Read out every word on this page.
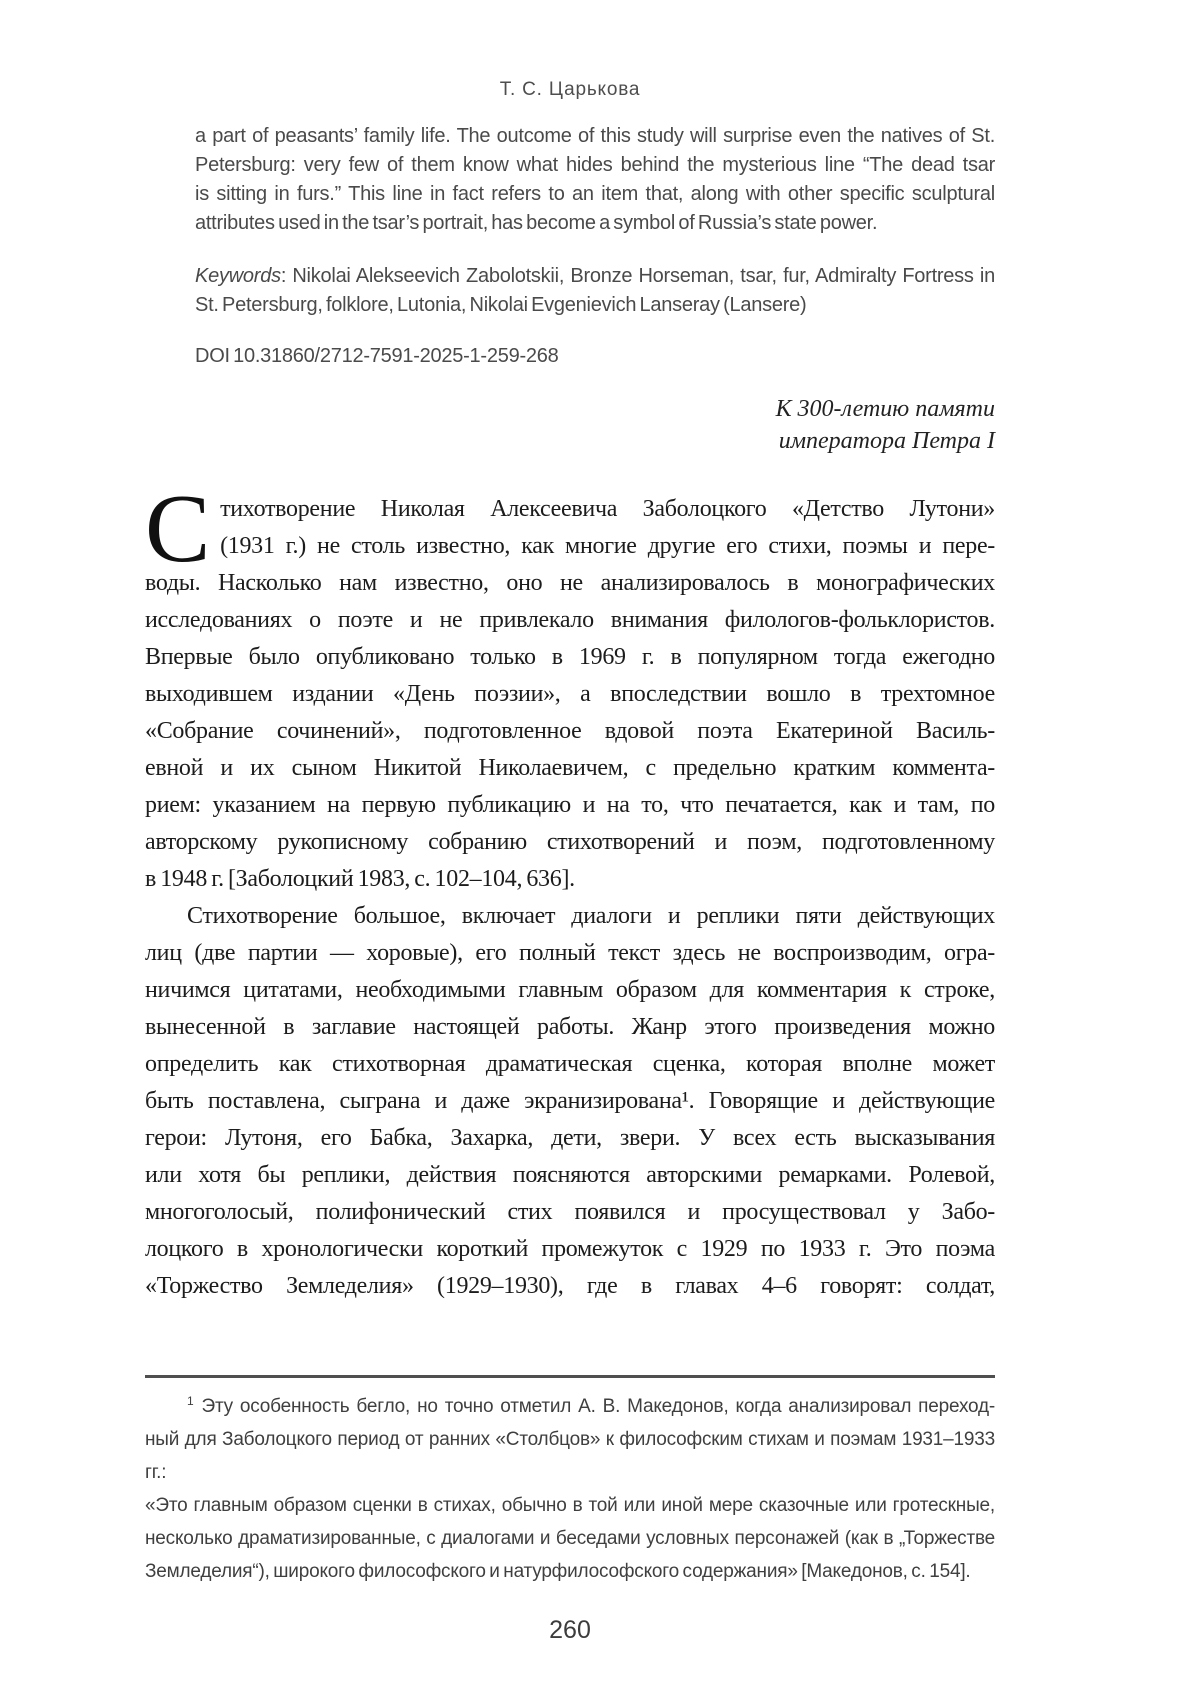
Т. С. Царькова
a part of peasants’ family life. The outcome of this study will surprise even the natives of St.
Petersburg: very few of them know what hides behind the mysterious line “The dead tsar
is sitting in furs.” This line in fact refers to an item that, along with other specific sculptural
attributes used in the tsar’s portrait, has become a symbol of Russia’s state power.
Keywords: Nikolai Alekseevich Zabolotskii, Bronze Horseman, tsar, fur, Admiralty Fortress in
St. Petersburg, folklore, Lutonia, Nikolai Evgenievich Lanseray (Lansere)
DOI 10.31860/2712-7591-2025-1-259-268
К 300-летию памяти
императора Петра I
С тихотворение Николая Алексеевича Заболоцкого «Детство Лутони»
(1931 г.) не столь известно, как многие другие его стихи, поэмы и пере-
воды. Насколько нам известно, оно не анализировалось в монографических
исследованиях о поэте и не привлекало внимания филологов-фольклористов.
Впервые было опубликовано только в 1969 г. в популярном тогда ежегодно
выходившем издании «День поэзии», а впоследствии вошло в трехтомное
«Собрание сочинений», подготовленное вдовой поэта Екатериной Василь-
евной и их сыном Никитой Николаевичем, с предельно кратким коммента-
рием: указанием на первую публикацию и на то, что печатается, как и там, по
авторскому рукописному собранию стихотворений и поэм, подготовленному
в 1948 г. [Заболоцкий 1983, с. 102–104, 636].
Стихотворение большое, включает диалоги и реплики пяти действующих
лиц (две партии — хоровые), его полный текст здесь не воспроизводим, огра-
ничимся цитатами, необходимыми главным образом для комментария к строке,
вынесенной в заглавие настоящей работы. Жанр этого произведения можно
определить как стихотворная драматическая сценка, которая вполне может
быть поставлена, сыграна и даже экранизирована¹. Говорящие и действующие
герои: Лутоня, его Бабка, Захарка, дети, звери. У всех есть высказывания
или хотя бы реплики, действия поясняются авторскими ремарками. Ролевой,
многоголосый, полифонический стих появился и просуществовал у Забо-
лоцкого в хронологически короткий промежуток с 1929 по 1933 г. Это поэма
«Торжество Земледелия» (1929–1930), где в главах 4–6 говорят: солдат,
$^1$ Эту особенность бегло, но точно отметил А. В. Македонов, когда анализировал переход-
ный для Заболоцкого период от ранних «Столбцов» к философским стихам и поэмам 1931–1933 гг.:
«Это главным образом сценки в стихах, обычно в той или иной мере сказочные или гротескные,
несколько драматизированные, с диалогами и беседами условных персонажей (как в „Торжестве
Земледелия“), широкого философского и натурфилософского содержания» [Македонов, с. 154].
260
